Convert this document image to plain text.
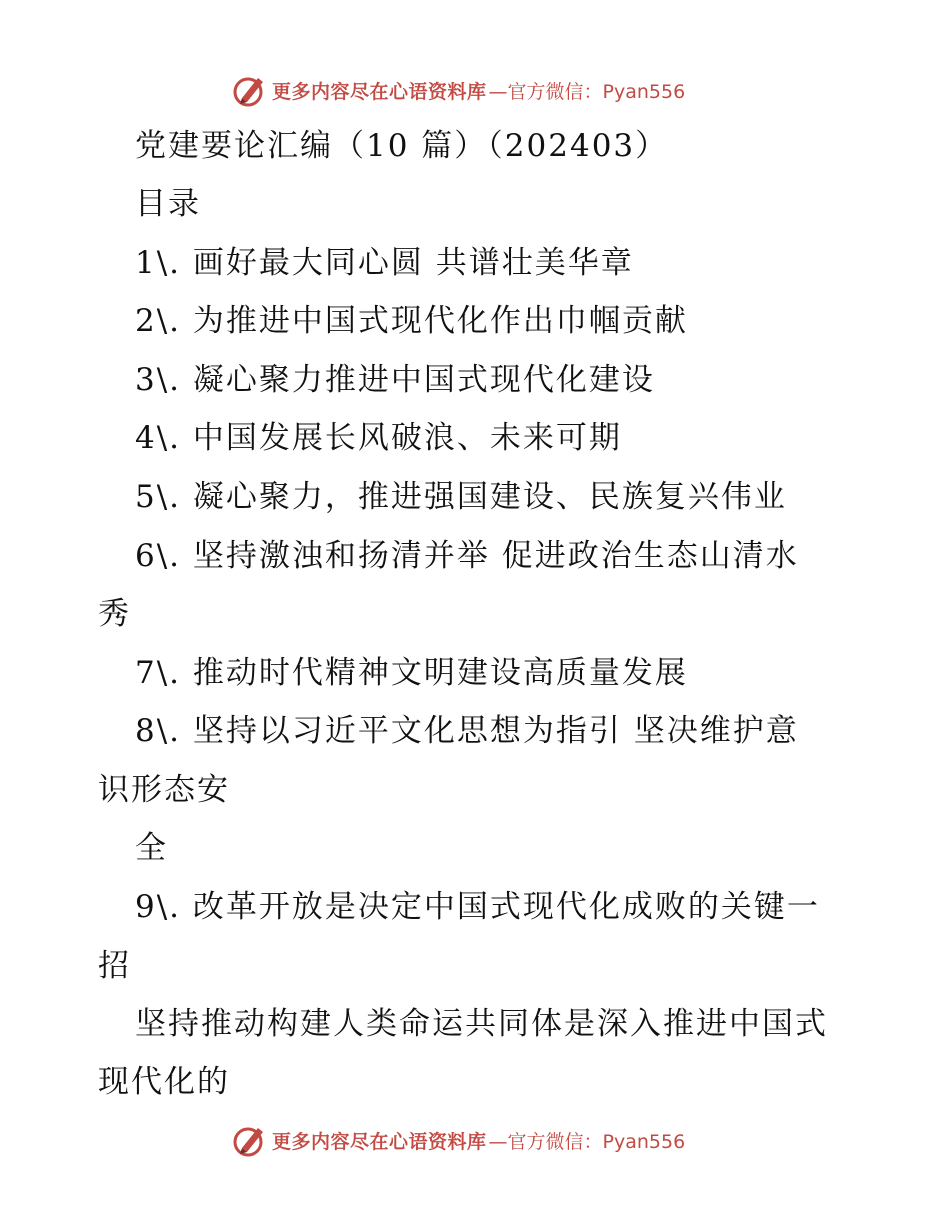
更多内容尽在心语资料库 —官方微信：Pyan556
党建要论汇编（10 篇）（202403）
目录
1\. 画好最大同心圆 共谱壮美华章
2\. 为推进中国式现代化作出巾帼贡献
3\. 凝心聚力推进中国式现代化建设
4\. 中国发展长风破浪、未来可期
5\. 凝心聚力，推进强国建设、民族复兴伟业
6\. 坚持激浊和扬清并举 促进政治生态山清水
秀
7\. 推动时代精神文明建设高质量发展
8\. 坚持以习近平文化思想为指引 坚决维护意
识形态安
全
9\. 改革开放是决定中国式现代化成败的关键一
招
坚持推动构建人类命运共同体是深入推进中国式
现代化的
更多内容尽在心语资料库 —官方微信：Pyan556
